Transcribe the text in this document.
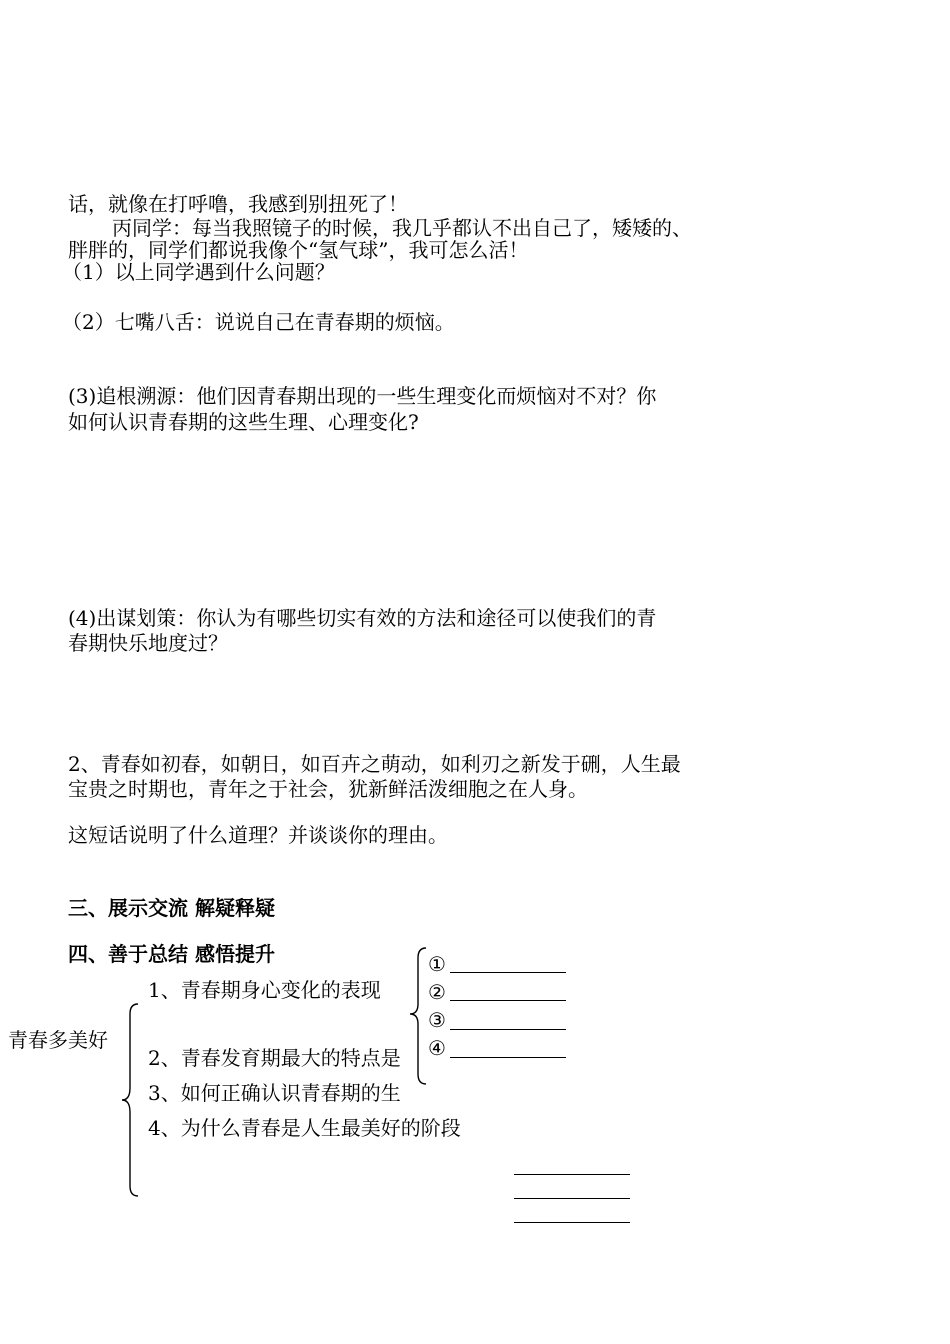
话，就像在打呼噜，我感到别扭死了！
丙同学：每当我照镜子的时候，我几乎都认不出自己了，矮矮的、
胖胖的，同学们都说我像个“氢气球”，我可怎么活！
（1）以上同学遇到什么问题？
（2）七嘴八舌：说说自己在青春期的烦恼。
(3)追根溯源：他们因青春期出现的一些生理变化而烦恼对不对？你
如何认识青春期的这些生理、心理变化?
(4)出谋划策：你认为有哪些切实有效的方法和途径可以使我们的青
春期快乐地度过？
2、青春如初春，如朝日，如百卉之萌动，如利刃之新发于硎，人生最
宝贵之时期也，青年之于社会，犹新鲜活泼细胞之在人身。
这短话说明了什么道理？并谈谈你的理由。
三、展示交流 解疑释疑
四、善于总结 感悟提升
青春多美好
1、青春期身心变化的表现
2、青春发育期最大的特点是
3、如何正确认识青春期的生
4、为什么青春是人生最美好的阶段
①
②
③
④
